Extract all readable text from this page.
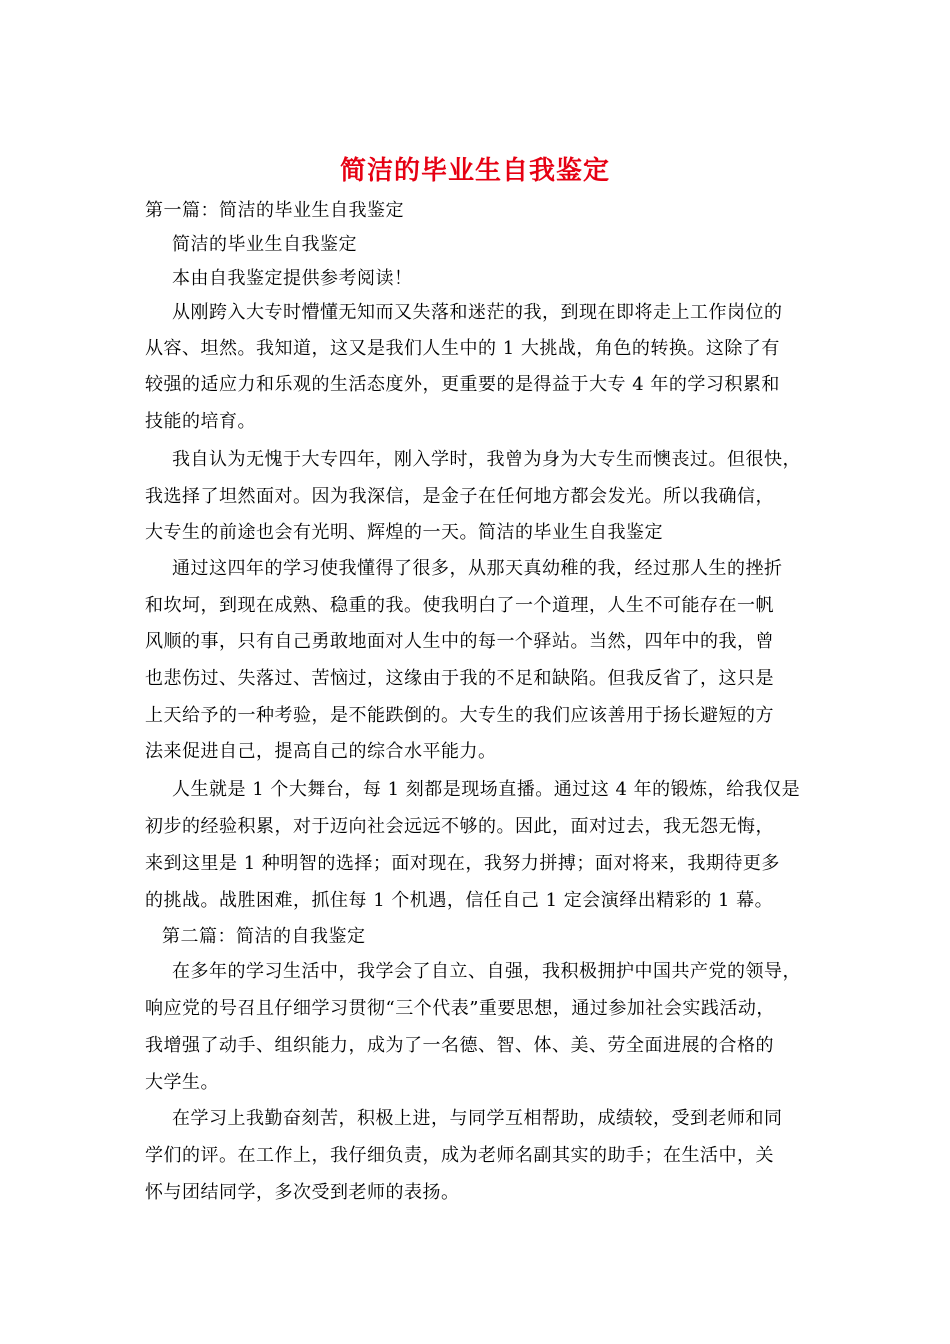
简洁的毕业生自我鉴定
第一篇：简洁的毕业生自我鉴定
简洁的毕业生自我鉴定
本由自我鉴定提供参考阅读！
从刚跨入大专时懵懂无知而又失落和迷茫的我，到现在即将走上工作岗位的
从容、坦然。我知道，这又是我们人生中的 1 大挑战，角色的转换。这除了有
较强的适应力和乐观的生活态度外，更重要的是得益于大专 4 年的学习积累和
技能的培育。
我自认为无愧于大专四年，刚入学时，我曾为身为大专生而懊丧过。但很快，
我选择了坦然面对。因为我深信，是金子在任何地方都会发光。所以我确信，
大专生的前途也会有光明、辉煌的一天。简洁的毕业生自我鉴定
通过这四年的学习使我懂得了很多，从那天真幼稚的我，经过那人生的挫折
和坎坷，到现在成熟、稳重的我。使我明白了一个道理，人生不可能存在一帆
风顺的事，只有自己勇敢地面对人生中的每一个驿站。当然，四年中的我，曾
也悲伤过、失落过、苦恼过，这缘由于我的不足和缺陷。但我反省了，这只是
上天给予的一种考验，是不能跌倒的。大专生的我们应该善用于扬长避短的方
法来促进自己，提高自己的综合水平能力。
人生就是 1 个大舞台，每 1 刻都是现场直播。通过这 4 年的锻炼，给我仅是
初步的经验积累，对于迈向社会远远不够的。因此，面对过去，我无怨无悔，
来到这里是 1 种明智的选择；面对现在，我努力拼搏；面对将来，我期待更多
的挑战。战胜困难，抓住每 1 个机遇，信任自己 1 定会演绎出精彩的 1 幕。
第二篇：简洁的自我鉴定
在多年的学习生活中，我学会了自立、自强，我积极拥护中国共产党的领导，
响应党的号召且仔细学习贯彻“三个代表”重要思想，通过参加社会实践活动，
我增强了动手、组织能力，成为了一名德、智、体、美、劳全面进展的合格的
大学生。
在学习上我勤奋刻苦，积极上进，与同学互相帮助，成绩较，受到老师和同
学们的评。在工作上，我仔细负责，成为老师名副其实的助手；在生活中，关
怀与团结同学，多次受到老师的表扬。
